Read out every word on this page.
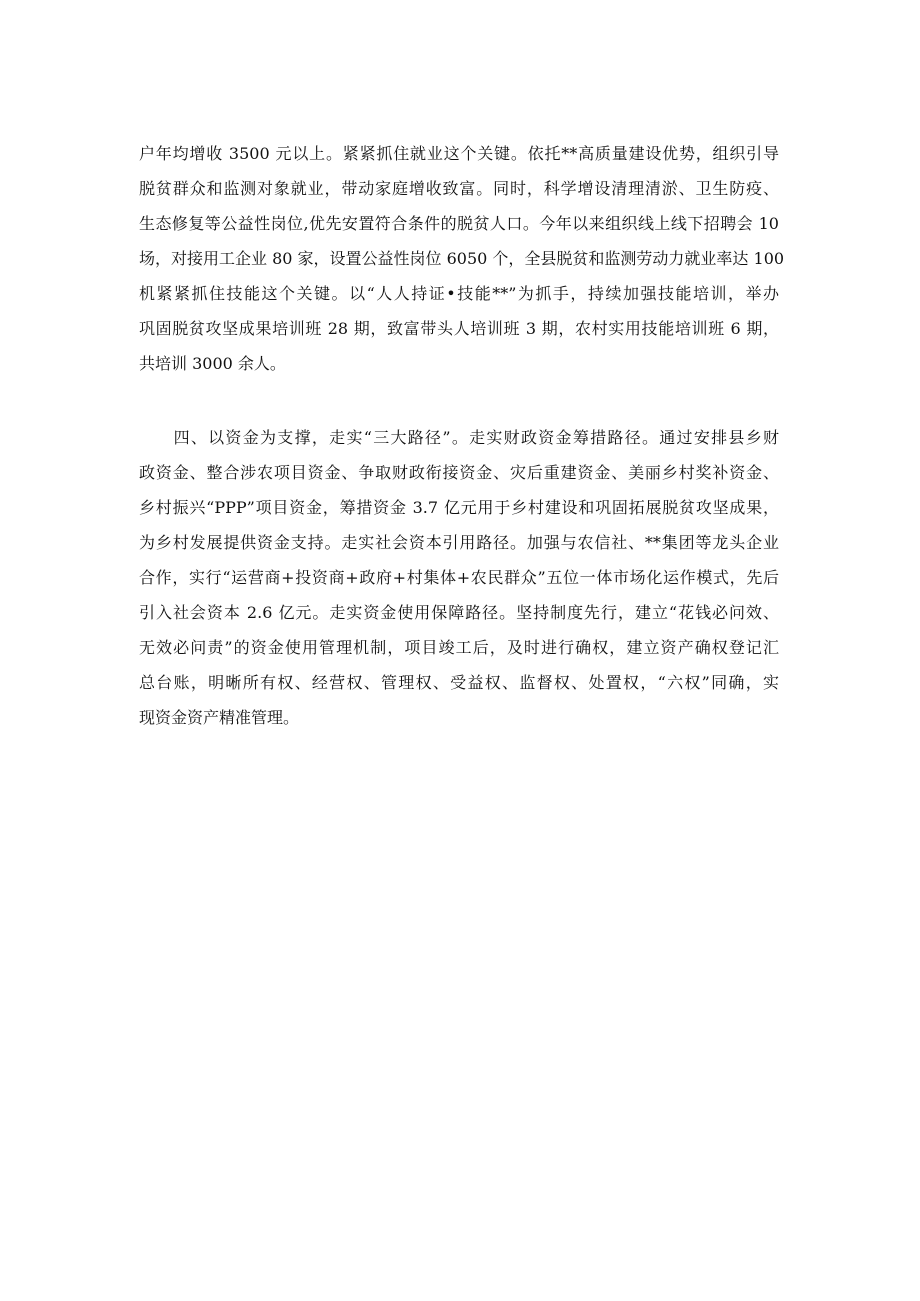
户年均增收 3500 元以上。紧紧抓住就业这个关键。依托**高质量建设优势，组织引导
脱贫群众和监测对象就业，带动家庭增收致富。同时，科学增设清理清淤、卫生防疫、
生态修复等公益性岗位,优先安置符合条件的脱贫人口。今年以来组织线上线下招聘会 10
场，对接用工企业 80 家，设置公益性岗位 6050 个，全县脱贫和监测劳动力就业率达 100
机紧紧抓住技能这个关键。以“人人持证•技能**”为抓手，持续加强技能培训，举办
巩固脱贫攻坚成果培训班 28 期，致富带头人培训班 3 期，农村实用技能培训班 6 期，
共培训 3000 余人。
　　四、以资金为支撑，走实“三大路径”。走实财政资金筹措路径。通过安排县乡财
政资金、整合涉农项目资金、争取财政衔接资金、灾后重建资金、美丽乡村奖补资金、
乡村振兴“PPP”项目资金，筹措资金 3.7 亿元用于乡村建设和巩固拓展脱贫攻坚成果，
为乡村发展提供资金支持。走实社会资本引用路径。加强与农信社、**集团等龙头企业
合作，实行“运营商+投资商+政府+村集体+农民群众”五位一体市场化运作模式，先后
引入社会资本 2.6 亿元。走实资金使用保障路径。坚持制度先行，建立“花钱必问效、
无效必问责”的资金使用管理机制，项目竣工后，及时进行确权，建立资产确权登记汇
总台账，明晰所有权、经营权、管理权、受益权、监督权、处置权，“六权”同确，实
现资金资产精准管理。
